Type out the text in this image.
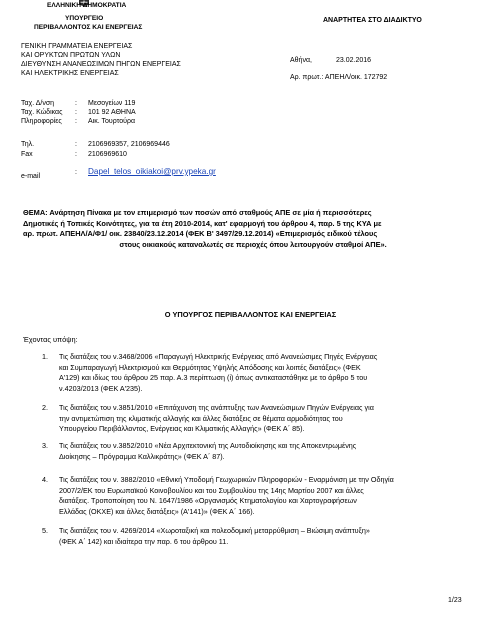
ΕΛΛΗΝΙΚΗ ΔΗΜΟΚΡΑΤΙΑ
ΥΠΟΥΡΓΕΙΟ
ΠΕΡΙΒΑΛΛΟΝΤΟΣ ΚΑΙ ΕΝΕΡΓΕΙΑΣ
ΑΝΑΡΤΗΤΕΑ ΣΤΟ ΔΙΑΔΙΚΤΥΟ
ΓΕΝΙΚΗ ΓΡΑΜΜΑΤΕΙΑ ΕΝΕΡΓΕΙΑΣ
ΚΑΙ ΟΡΥΚΤΩΝ ΠΡΩΤΩΝ ΥΛΩΝ
ΔΙΕΥΘΥΝΣΗ ΑΝΑΝΕΩΣΙΜΩΝ ΠΗΓΩΝ ΕΝΕΡΓΕΙΑΣ
ΚΑΙ ΗΛΕΚΤΡΙΚΗΣ ΕΝΕΡΓΕΙΑΣ
Αθήνα,	23.02.2016
Αρ. πρωτ.: ΑΠΕΗΛ/οικ. 172792
Ταχ. Δ/νση	: Μεσογείων 119
Ταχ. Κώδικας : 101 92 ΑΘΗΝΑ
Πληροφορίες : Αικ. Τουρτούρα
Τηλ.	: 2106969357, 2106969446
Fax	: 2106969610
e-mail: Dapel_telos_oikiakoi@prv.ypeka.gr
ΘΕΜΑ: Ανάρτηση Πίνακα με τον επιμερισμό των ποσών από σταθμούς ΑΠΕ σε μία ή περισσότερες
Δημοτικές ή Τοπικές Κοινότητες, για τα έτη 2010-2014, κατ' εφαρμογή του άρθρου 4, παρ. 5 της ΚΥΑ με
αρ. πρωτ. ΑΠΕΗΛ/Α/Φ1/ οικ. 23840/23.12.2014 (ΦΕΚ Β' 3497/29.12.2014) «Επιμερισμός ειδικού τέλους
στους οικιακούς καταναλωτές σε περιοχές όπου λειτουργούν σταθμοί ΑΠΕ».
Ο ΥΠΟΥΡΓΟΣ ΠΕΡΙΒΑΛΛΟΝΤΟΣ ΚΑΙ ΕΝΕΡΓΕΙΑΣ
Έχοντας υπόψη:
1. Τις διατάξεις του ν.3468/2006 «Παραγωγή Ηλεκτρικής Ενέργειας από Ανανεώσιμες Πηγές Ενέργειας
και Συμπαραγωγή Ηλεκτρισμού και Θερμότητας Υψηλής Απόδοσης και λοιπές διατάξεις» (ΦΕΚ
Α'129) και ιδίως του άρθρου 25 παρ. Α.3 περίπτωση (i) όπως αντικαταστάθηκε με το άρθρο 5 του
ν.4203/2013 (ΦΕΚ Α'235).
2. Τις διατάξεις του ν.3851/2010 «Επιτάχυνση της ανάπτυξης των Ανανεώσιμων Πηγών Ενέργειας για
την αντιμετώπιση της κλιματικής αλλαγής και άλλες διατάξεις σε θέματα αρμοδιότητας του
Υπουργείου Περιβάλλοντος, Ενέργειας και Κλιματικής Αλλαγής» (ΦΕΚ Α΄ 85).
3. Τις διατάξεις του ν.3852/2010 «Νέα Αρχιτεκτονική της Αυτοδιοίκησης και της Αποκεντρωμένης
Διοίκησης – Πρόγραμμα Καλλικράτης» (ΦΕΚ Α΄ 87).
4. Τις διατάξεις του ν. 3882/2010 «Εθνική Υποδομή Γεωχωρικών Πληροφοριών - Εναρμόνιση με την Οδηγία
2007/2/ΕΚ του Ευρωπαϊκού Κοινοβουλίου και του Συμβουλίου της 14ης Μαρτίου 2007 και άλλες
διατάξεις. Τροποποίηση του Ν. 1647/1986 «Οργανισμός Κτηματολογίου και Χαρτογραφήσεων
Ελλάδας (ΟΚΧΕ) και άλλες διατάξεις» (Α'141)» (ΦΕΚ Α΄ 166).
5. Τις διατάξεις του ν. 4269/2014 «Χωροταξική και πολεοδομική μεταρρύθμιση – Βιώσιμη ανάπτυξη»
(ΦΕΚ Α΄ 142) και ιδιαίτερα την παρ. 6 του άρθρου 11.
1/23
